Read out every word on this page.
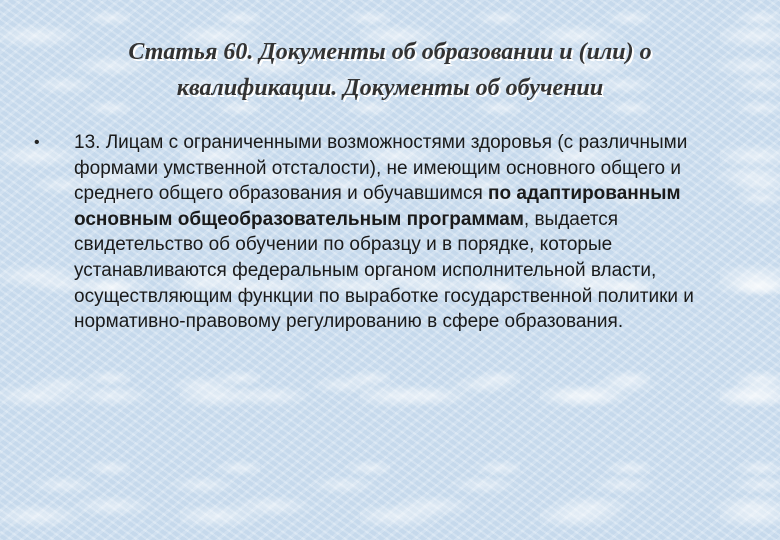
Статья 60. Документы об образовании и (или) о
квалификации. Документы об обучении
• 13. Лицам с ограниченными возможностями здоровья (с различными формами умственной отсталости), не имеющим основного общего и среднего общего образования и обучавшимся по адаптированным основным общеобразовательным программам, выдается свидетельство об обучении по образцу и в порядке, которые устанавливаются федеральным органом исполнительной власти, осуществляющим функции по выработке государственной политики и нормативно-правовому регулированию в сфере образования.
